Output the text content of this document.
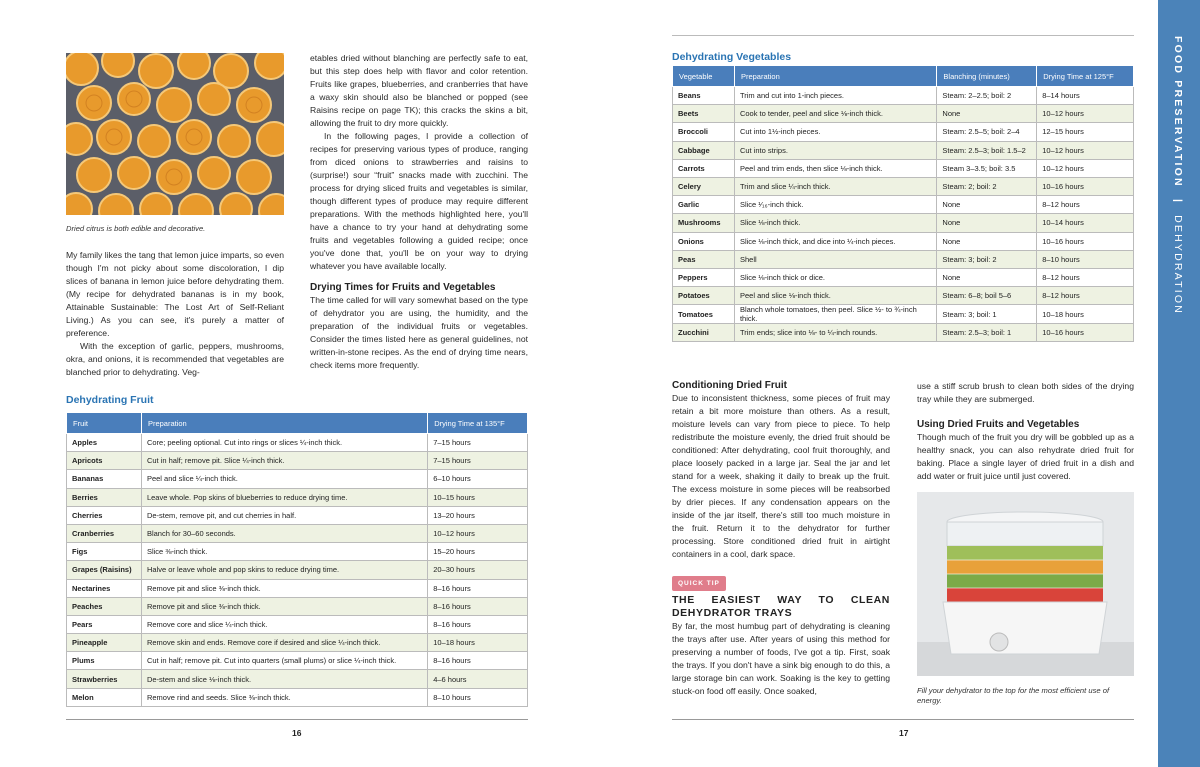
Dried citrus is both edible and decorative.

My family likes the tang that lemon juice imparts, so even though I'm not picky about some discoloration, I dip slices of banana in lemon juice before dehydrating them. (My recipe for dehydrated bananas is in my book, Attainable Sustainable: The Lost Art of Self-Reliant Living.) As you can see, it's purely a matter of preference.

With the exception of garlic, peppers, mushrooms, okra, and onions, it is recommended that vegetables are blanched prior to dehydrating. Veg-

etables dried without blanching are perfectly safe to eat, but this step does help with flavor and color retention. Fruits like grapes, blueberries, and cranberries that have a waxy skin should also be blanched or popped (see Raisins recipe on page TK); this cracks the skins a bit, allowing the fruit to dry more quickly.

In the following pages, I provide a collection of recipes for preserving various types of produce, ranging from diced onions to strawberries and raisins to (surprise!) sour “fruit” snacks made with zucchini. The process for drying sliced fruits and vegetables is similar, though different types of produce may require different preparations. With the methods highlighted here, you'll have a chance to try your hand at dehydrating some fruits and vegetables following a guided recipe; once you've done that, you'll be on your way to drying whatever you have available locally.

Drying Times for Fruits and Vegetables

The time called for will vary somewhat based on the type of dehydrator you are using, the humidity, and the preparation of the individual fruits or vegetables. Consider the times listed here as general guidelines, not written-in-stone recipes. As the end of drying time nears, check items more frequently.

Dehydrating Fruit
Fruit	Preparation	Drying Time at 135°F
Apples	Core; peeling optional. Cut into rings or slices ¼-inch thick.	7–15 hours
Apricots	Cut in half; remove pit. Slice ¼-inch thick.	7–15 hours
Bananas	Peel and slice ¼-inch thick.	6–10 hours
Berries	Leave whole. Pop skins of blueberries to reduce drying time.	10–15 hours
Cherries	De-stem, remove pit, and cut cherries in half.	13–20 hours
Cranberries	Blanch for 30–60 seconds.	10–12 hours
Figs	Slice ⅜-inch thick.	15–20 hours
Grapes (Raisins)	Halve or leave whole and pop skins to reduce drying time.	20–30 hours
Nectarines	Remove pit and slice ⅜-inch thick.	8–16 hours
Peaches	Remove pit and slice ⅜-inch thick.	8–16 hours
Pears	Remove core and slice ¼-inch thick.	8–16 hours
Pineapple	Remove skin and ends. Remove core if desired and slice ¼-inch thick.	10–18 hours
Plums	Cut in half; remove pit. Cut into quarters (small plums) or slice ¼-inch thick.	8–16 hours
Strawberries	De-stem and slice ⅛-inch thick.	4–6 hours
Melon	Remove rind and seeds. Slice ⅜-inch thick.	8–10 hours
16
Dehydrating Vegetables
Vegetable	Preparation	Blanching (minutes)	Drying Time at 125°F
Beans	Trim and cut into 1-inch pieces.	Steam: 2–2.5; boil: 2	8–14 hours
Beets	Cook to tender, peel and slice ⅛-inch thick.	None	10–12 hours
Broccoli	Cut into 1½-inch pieces.	Steam: 2.5–5; boil: 2–4	12–15 hours
Cabbage	Cut into strips.	Steam: 2.5–3; boil: 1.5–2	10–12 hours
Carrots	Peel and trim ends, then slice ⅛-inch thick.	Steam 3–3.5; boil: 3.5	10–12 hours
Celery	Trim and slice ¼-inch thick.	Steam: 2; boil: 2	10–16 hours
Garlic	Slice ¹⁄₁₆-inch thick.	None	8–12 hours
Mushrooms	Slice ⅛-inch thick.	None	10–14 hours
Onions	Slice ⅛-inch thick, and dice into ¼-inch pieces.	None	10–16 hours
Peas	Shell	Steam: 3; boil: 2	8–10 hours
Peppers	Slice ⅛-inch thick or dice.	None	8–12 hours
Potatoes	Peel and slice ⅛-inch thick.	Steam: 6–8; boil 5–6	8–12 hours
Tomatoes	Blanch whole tomatoes, then peel. Slice ½- to ¾-inch thick.	Steam: 3; boil: 1	10–18 hours
Zucchini	Trim ends; slice into ⅛- to ¼-inch rounds.	Steam: 2.5–3; boil: 1	10–16 hours

Conditioning Dried Fruit

Due to inconsistent thickness, some pieces of fruit may retain a bit more moisture than others. As a result, moisture levels can vary from piece to piece. To help redistribute the moisture evenly, the dried fruit should be conditioned: After dehydrating, cool fruit thoroughly, and place loosely packed in a large jar. Seal the jar and let stand for a week, shaking it daily to break up the fruit. The excess moisture in some pieces will be reabsorbed by drier pieces. If any condensation appears on the inside of the jar itself, there's still too much moisture in the fruit. Return it to the dehydrator for further processing. Store conditioned dried fruit in airtight containers in a cool, dark space.

QUICK TIP

THE EASIEST WAY TO CLEAN DEHYDRATOR TRAYS

By far, the most humbug part of dehydrating is cleaning the trays after use. After years of using this method for preserving a number of foods, I've got a tip. First, soak the trays. If you don't have a sink big enough to do this, a large storage bin can work. Soaking is the key to getting stuck-on food off easily. Once soaked,

use a stiff scrub brush to clean both sides of the drying tray while they are submerged.

Using Dried Fruits and Vegetables

Though much of the fruit you dry will be gobbled up as a healthy snack, you can also rehydrate dried fruit for baking. Place a single layer of dried fruit in a dish and add water or fruit juice until just covered.

Fill your dehydrator to the top for the most efficient use of energy.
17
FOOD PRESERVATION | DEHYDRATION
